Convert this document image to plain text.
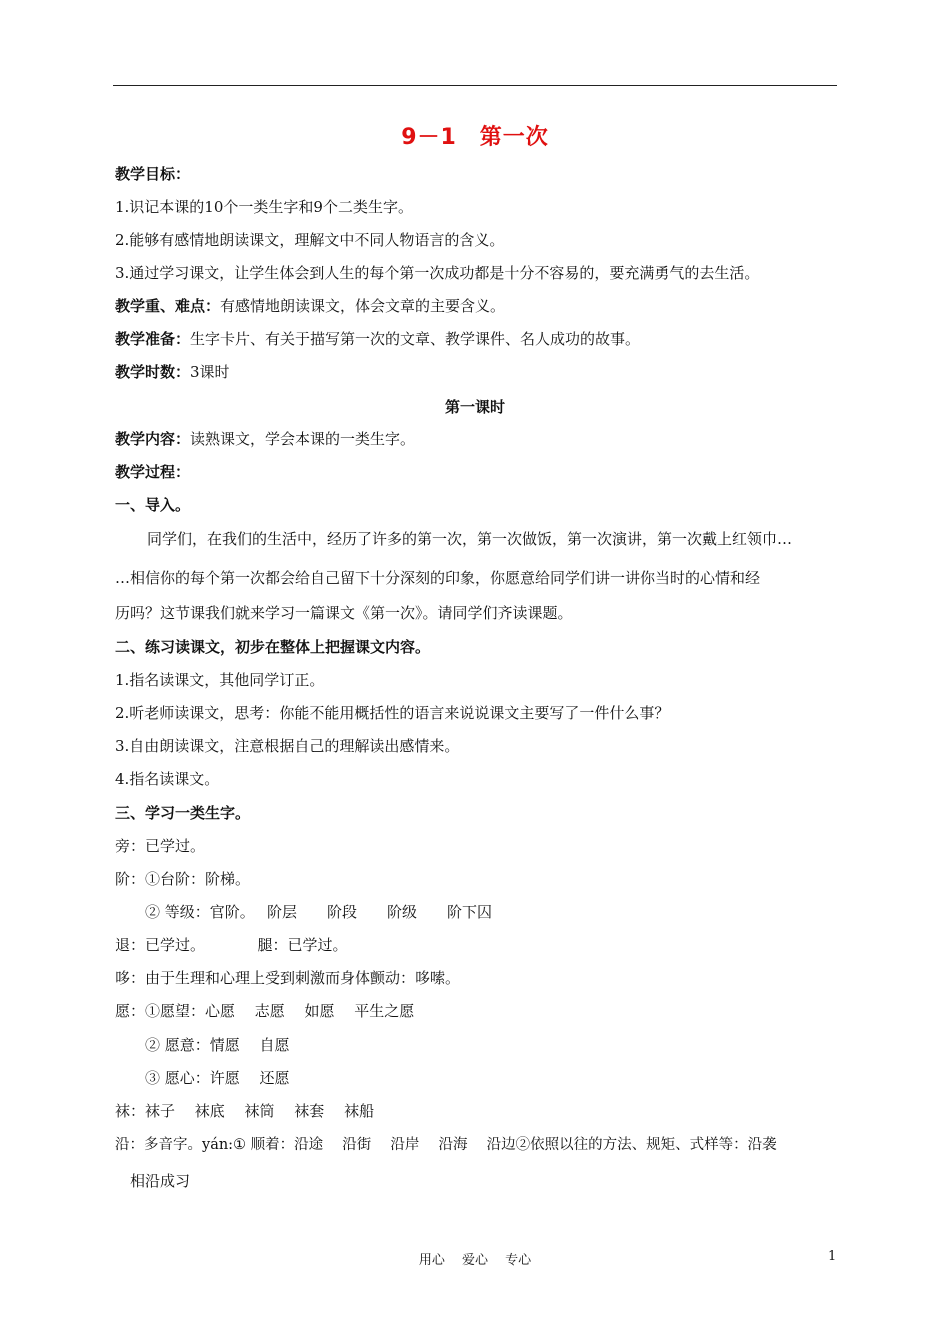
9－1　第一次
教学目标：
1.识记本课的10个一类生字和9个二类生字。
2.能够有感情地朗读课文，理解文中不同人物语言的含义。
3.通过学习课文，让学生体会到人生的每个第一次成功都是十分不容易的，要充满勇气的去生活。
教学重、难点：有感情地朗读课文，体会文章的主要含义。
教学准备：生字卡片、有关于描写第一次的文章、教学课件、名人成功的故事。
教学时数：3课时
第一课时
教学内容：读熟课文，学会本课的一类生字。
教学过程：
一、导入。
同学们，在我们的生活中，经历了许多的第一次，第一次做饭，第一次演讲，第一次戴上红领巾…
…相信你的每个第一次都会给自己留下十分深刻的印象，你愿意给同学们讲一讲你当时的心情和经
历吗？这节课我们就来学习一篇课文《第一次》。请同学们齐读课题。
二、练习读课文，初步在整体上把握课文内容。
1.指名读课文，其他同学订正。
2.听老师读课文，思考：你能不能用概括性的语言来说说课文主要写了一件什么事？
3.自由朗读课文，注意根据自己的理解读出感情来。
4.指名读课文。
三、学习一类生字。
旁：已学过。
阶：①台阶：阶梯。
　　② 等级：官阶。　 阶层　　阶段　　阶级　　阶下囚
退：已学过。　　　　腿：已学过。
哆：由于生理和心理上受到刺激而身体颤动：哆嗦。
愿：①愿望：心愿　 志愿　 如愿　 平生之愿
　　② 愿意：情愿　 自愿
　　③ 愿心：许愿　 还愿
袜：袜子　 袜底　 袜筒　 袜套　 袜船
沿：多音字。yán:① 顺着：沿途　 沿街　 沿岸　 沿海　 沿边②依照以往的方法、规矩、式样等：沿袭
　相沿成习
用心　 爱心　 专心	1
